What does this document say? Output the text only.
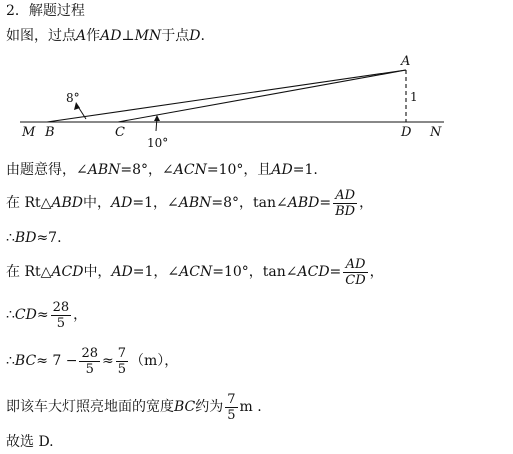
2．解题过程
如图，过点A作AD⊥MN于点D.
A
M B	C	D N
8°
10°
1
由题意得，∠ABN=8°，∠ACN=10°，且AD=1.
在 Rt△ABD中，AD=1，∠ABN=8°，tan∠ABD= $\frac{AD}{BD}$ ，
∴BD≈7.
在 Rt△ACD中，AD=1，∠ACN=10°，tan∠ACD= $\frac{AD}{CD}$ ，
∴CD≈ $\frac{28}{5}$ ，
∴BC≈ $7 - \frac{28}{5} \approx \frac{7}{5} (m)$，
即该车大灯照亮地面的宽度BC约为 $\frac{7}{5}$ m .
故选 D.
